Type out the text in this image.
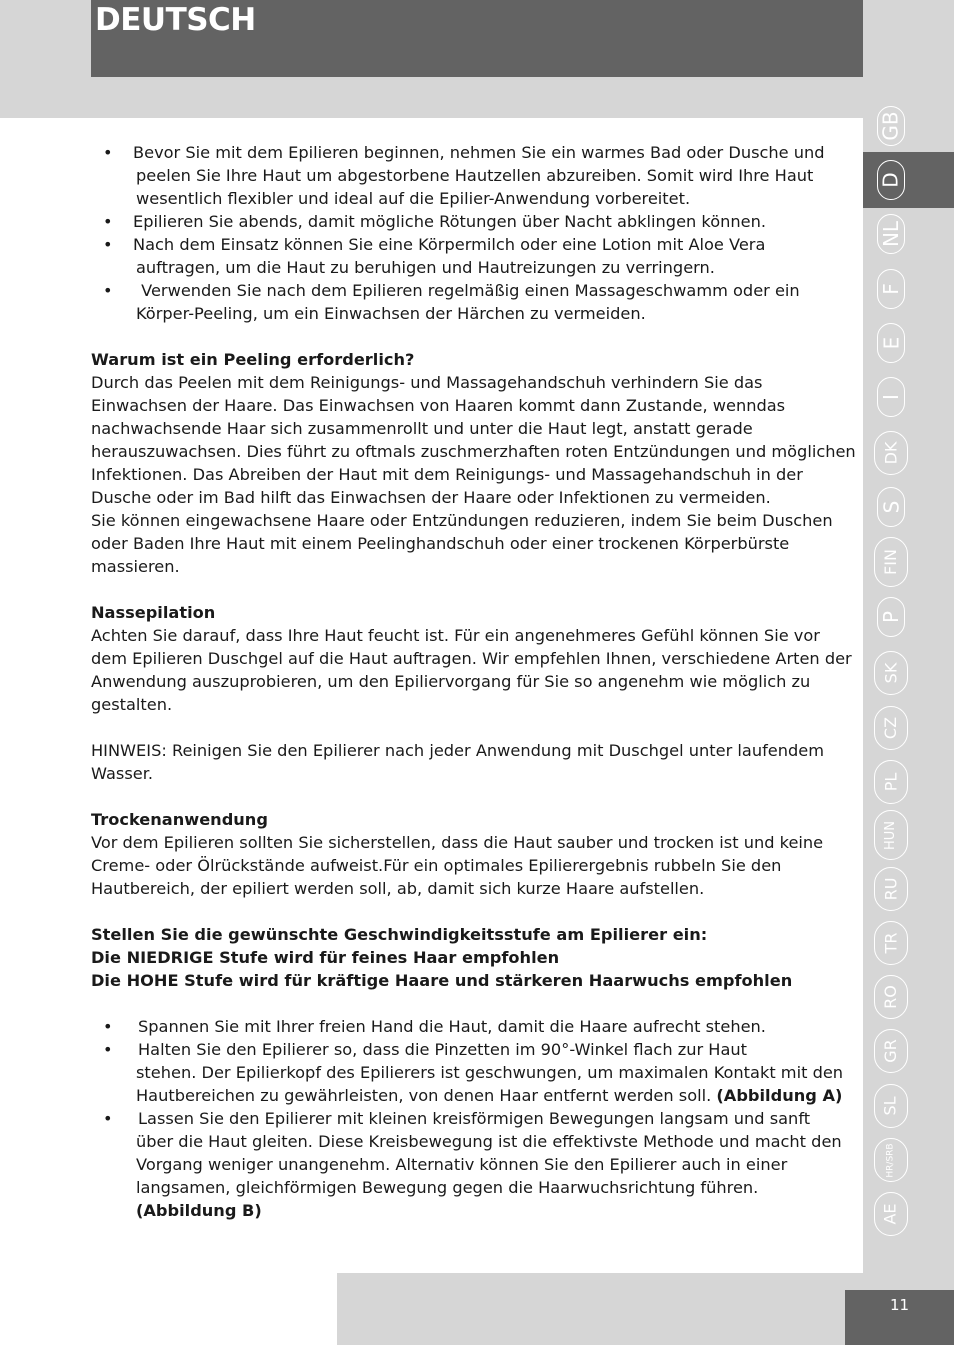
DEUTSCH
GB
D
NL
F
E
I
DK
S
FIN
P
SK
CZ
PL
HUN
RU
TR
RO
GR
SL
HR/SRB
AE
11
• Bevor Sie mit dem Epilieren beginnen, nehmen Sie ein warmes Bad oder Dusche und
peelen Sie Ihre Haut um abgestorbene Hautzellen abzureiben. Somit wird Ihre Haut wesentlich flexibler und ideal auf die Epilier-Anwendung vorbereitet.
• Epilieren Sie abends, damit mögliche Rötungen über Nacht abklingen können.
• Nach dem Einsatz können Sie eine Körpermilch oder eine Lotion mit Aloe Vera
auftragen, um die Haut zu beruhigen und Hautreizungen zu verringern.
• Verwenden Sie nach dem Epilieren regelmäßig einen Massageschwamm oder ein
Körper-Peeling, um ein Einwachsen der Härchen zu vermeiden.

Warum ist ein Peeling erforderlich?

Durch das Peelen mit dem Reinigungs- und Massagehandschuh verhindern Sie das Einwachsen der Haare. Das Einwachsen von Haaren kommt dann Zustande, wenndas nachwachsende Haar sich zusammenrollt und unter die Haut legt, anstatt gerade herauszuwachsen. Dies führt zu oftmals zuschmerzhaften roten Entzündungen und möglichen Infektionen. Das Abreiben der Haut mit dem Reinigungs- und Massagehandschuh in der Dusche oder im Bad hilft das Einwachsen der Haare oder Infektionen zu vermeiden.

Sie können eingewachsene Haare oder Entzündungen reduzieren, indem Sie beim Duschen oder Baden Ihre Haut mit einem Peelinghandschuh oder einer trockenen Körperbürste massieren.

Nassepilation

Achten Sie darauf, dass Ihre Haut feucht ist. Für ein angenehmeres Gefühl können Sie vor dem Epilieren Duschgel auf die Haut auftragen. Wir empfehlen Ihnen, verschiedene Arten der Anwendung auszuprobieren, um den Epiliervorgang für Sie so angenehm wie möglich zu gestalten.

HINWEIS: Reinigen Sie den Epilierer nach jeder Anwendung mit Duschgel unter laufendem Wasser.

Trockenanwendung

Vor dem Epilieren sollten Sie sicherstellen, dass die Haut sauber und trocken ist und keine Creme- oder Ölrückstände aufweist.Für ein optimales Epilierergebnis rubbeln Sie den Hautbereich, der epiliert werden soll, ab, damit sich kurze Haare aufstellen.

Stellen Sie die gewünschte Geschwindigkeitsstufe am Epilierer ein:

Die NIEDRIGE Stufe wird für feines Haar empfohlen

Die HOHE Stufe wird für kräftige Haare und stärkeren Haarwuchs empfohlen

• Spannen Sie mit Ihrer freien Hand die Haut, damit die Haare aufrecht stehen.
• Halten Sie den Epilierer so, dass die Pinzetten im 90°-Winkel flach zur Haut
stehen. Der Epilierkopf des Epilierers ist geschwungen, um maximalen Kontakt mit den Hautbereichen zu gewährleisten, von denen Haar entfernt werden soll. (Abbildung A)
• Lassen Sie den Epilierer mit kleinen kreisförmigen Bewegungen langsam und sanft
über die Haut gleiten. Diese Kreisbewegung ist die effektivste Methode und macht den Vorgang weniger unangenehm. Alternativ können Sie den Epilierer auch in einer langsamen, gleichförmigen Bewegung gegen die Haarwuchsrichtung führen. (Abbildung B)
